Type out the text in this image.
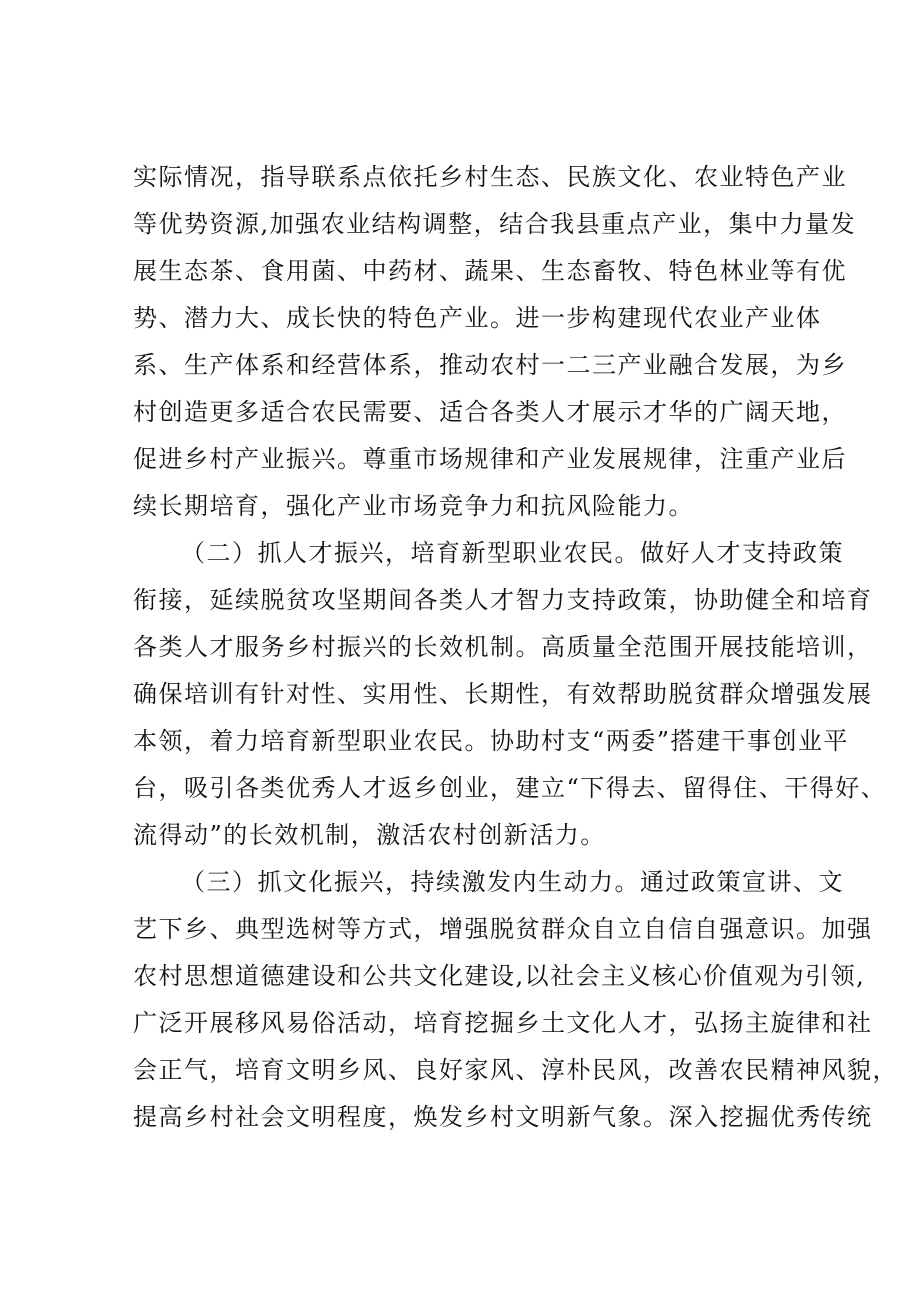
实际情况，指导联系点依托乡村生态、民族文化、农业特色产业
等优势资源,加强农业结构调整，结合我县重点产业，集中力量发
展生态茶、食用菌、中药材、蔬果、生态畜牧、特色林业等有优
势、潜力大、成长快的特色产业。进一步构建现代农业产业体
系、生产体系和经营体系，推动农村一二三产业融合发展，为乡
村创造更多适合农民需要、适合各类人才展示才华的广阔天地，
促进乡村产业振兴。尊重市场规律和产业发展规律，注重产业后
续长期培育，强化产业市场竞争力和抗风险能力。
（二）抓人才振兴，培育新型职业农民。做好人才支持政策
衔接，延续脱贫攻坚期间各类人才智力支持政策，协助健全和培育
各类人才服务乡村振兴的长效机制。高质量全范围开展技能培训，
确保培训有针对性、实用性、长期性，有效帮助脱贫群众增强发展
本领，着力培育新型职业农民。协助村支“两委”搭建干事创业平
台，吸引各类优秀人才返乡创业，建立“下得去、留得住、干得好、
流得动”的长效机制，激活农村创新活力。
（三）抓文化振兴，持续激发内生动力。通过政策宣讲、文
艺下乡、典型选树等方式，增强脱贫群众自立自信自强意识。加强
农村思想道德建设和公共文化建设,以社会主义核心价值观为引领,
广泛开展移风易俗活动，培育挖掘乡土文化人才，弘扬主旋律和社
会正气，培育文明乡风、良好家风、淳朴民风，改善农民精神风貌，
提高乡村社会文明程度，焕发乡村文明新气象。深入挖掘优秀传统
